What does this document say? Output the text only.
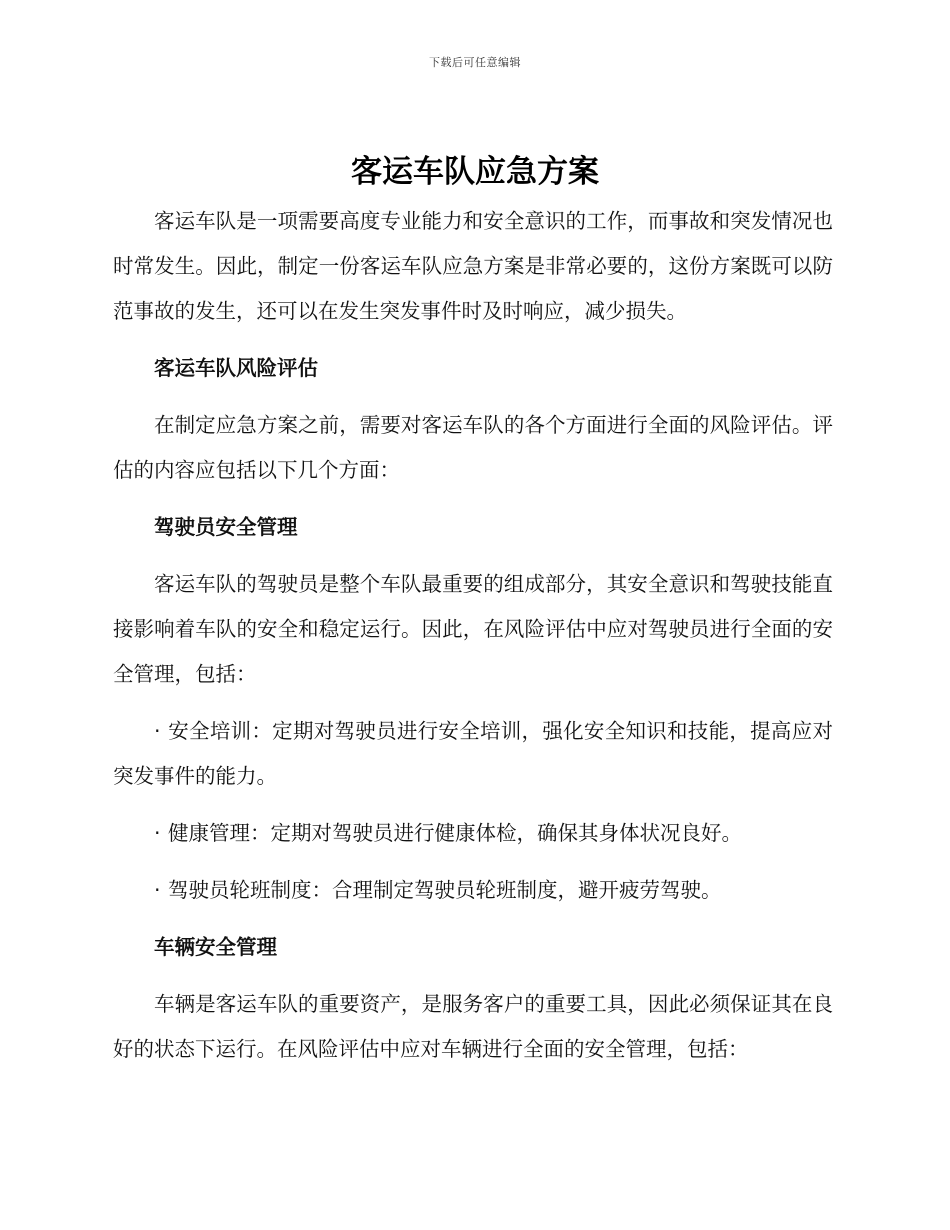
下载后可任意编辑
客运车队应急方案

客运车队是一项需要高度专业能力和安全意识的工作，而事故和突发情况也时常发生。因此，制定一份客运车队应急方案是非常必要的，这份方案既可以防范事故的发生，还可以在发生突发事件时及时响应，减少损失。

客运车队风险评估

在制定应急方案之前，需要对客运车队的各个方面进行全面的风险评估。评估的内容应包括以下几个方面：

驾驶员安全管理

客运车队的驾驶员是整个车队最重要的组成部分，其安全意识和驾驶技能直接影响着车队的安全和稳定运行。因此，在风险评估中应对驾驶员进行全面的安全管理，包括：

· 安全培训：定期对驾驶员进行安全培训，强化安全知识和技能，提高应对突发事件的能力。

· 健康管理：定期对驾驶员进行健康体检，确保其身体状况良好。

· 驾驶员轮班制度：合理制定驾驶员轮班制度，避开疲劳驾驶。

车辆安全管理

车辆是客运车队的重要资产，是服务客户的重要工具，因此必须保证其在良好的状态下运行。在风险评估中应对车辆进行全面的安全管理，包括：
